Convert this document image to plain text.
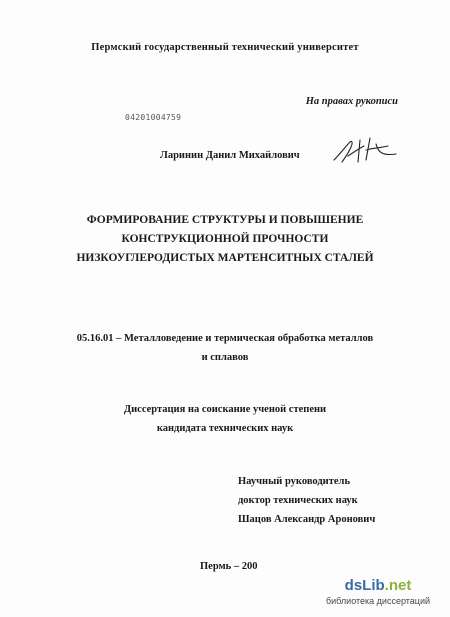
Пермский государственный технический университет
На правах рукописи
04201004759
Ларинин Данил Михайлович
ФОРМИРОВАНИЕ СТРУКТУРЫ И ПОВЫШЕНИЕ
КОНСТРУКЦИОННОЙ ПРОЧНОСТИ
НИЗКОУГЛЕРОДИСТЫХ МАРТЕНСИТНЫХ СТАЛЕЙ
05.16.01 – Металловедение и термическая обработка металлов
и сплавов
Диссертация на соискание ученой степени
кандидата технических наук
Научный руководитель
доктор технических наук
Шацов Александр Аронович
Пермь – 200
dsLib.net
библиотека диссертаций
